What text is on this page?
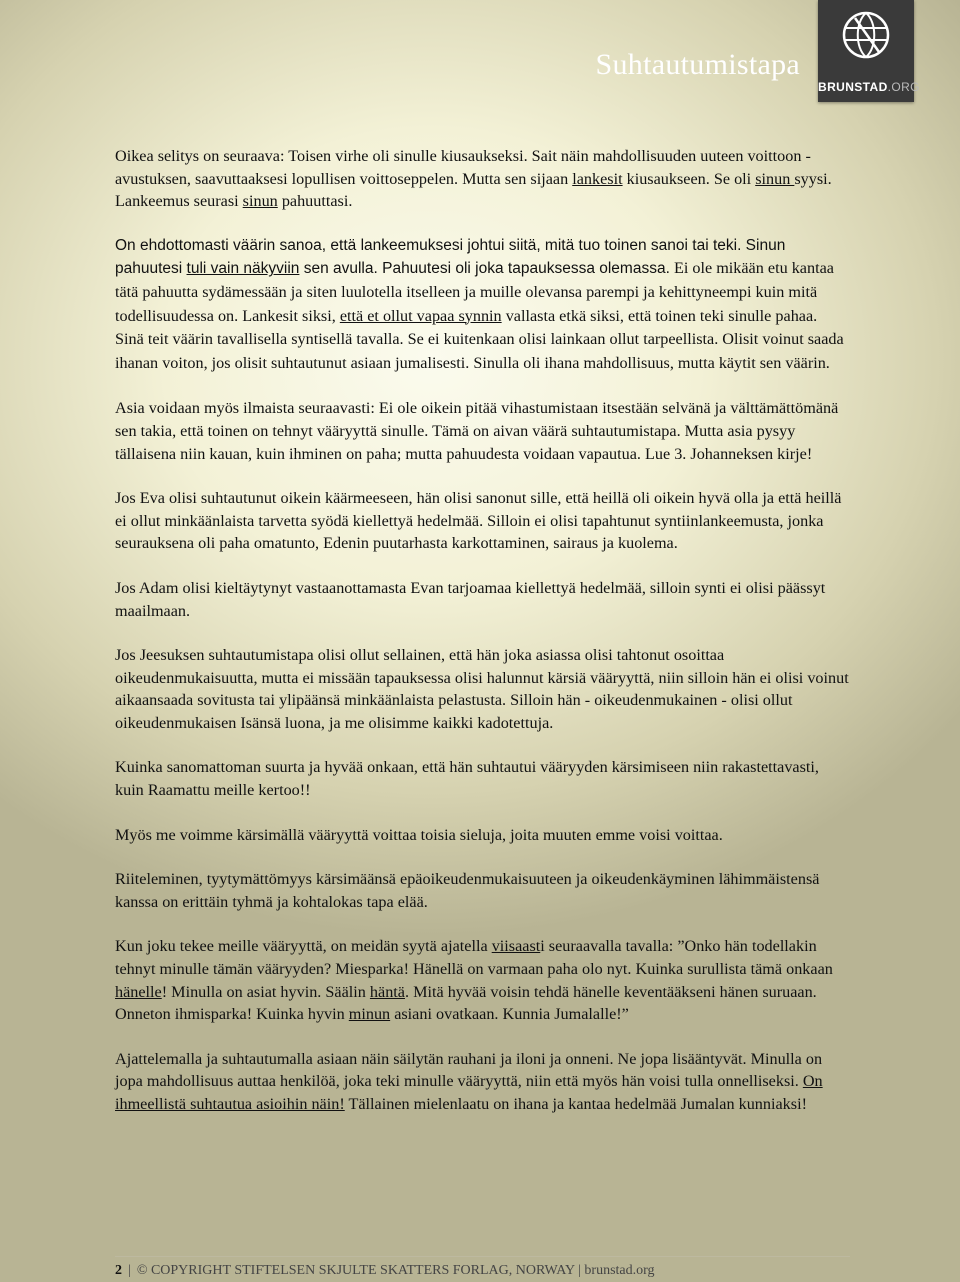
Suhtautumistapa
BRUNSTAD.ORG

Oikea selitys on seuraava: Toisen virhe oli sinulle kiusaukseksi. Sait näin mahdollisuuden uuteen voittoon - avustuksen, saavuttaaksesi lopullisen voittoseppelen. Mutta sen sijaan lankesit kiusaukseen. Se oli sinun syysi. Lankeemus seurasi sinun pahuuttasi.

On ehdottomasti väärin sanoa, että lankeemuksesi johtui siitä, mitä tuo toinen sanoi tai teki. Sinun pahuutesi tuli vain näkyviin sen avulla. Pahuutesi oli joka tapauksessa olemassa. Ei ole mikään etu kantaa tätä pahuutta sydämessään ja siten luulotella itselleen ja muille olevansa parempi ja kehittyneempi kuin mitä todellisuudessa on. Lankesit siksi, että et ollut vapaa synnin vallasta etkä siksi, että toinen teki sinulle pahaa. Sinä teit väärin tavallisella syntisellä tavalla. Se ei kuitenkaan olisi lainkaan ollut tarpeellista. Olisit voinut saada ihanan voiton, jos olisit suhtautunut asiaan jumalisesti. Sinulla oli ihana mahdollisuus, mutta käytit sen väärin.

Asia voidaan myös ilmaista seuraavasti: Ei ole oikein pitää vihastumistaan itsestään selvänä ja välttämättömänä sen takia, että toinen on tehnyt vääryyttä sinulle. Tämä on aivan väärä suhtautumistapa. Mutta asia pysyy tällaisena niin kauan, kuin ihminen on paha; mutta pahuudesta voidaan vapautua. Lue 3. Johanneksen kirje!

Jos Eva olisi suhtautunut oikein käärmeeseen, hän olisi sanonut sille, että heillä oli oikein hyvä olla ja että heillä ei ollut minkäänlaista tarvetta syödä kiellettyä hedelmää. Silloin ei olisi tapahtunut syntiinlankeemusta, jonka seurauksena oli paha omatunto, Edenin puutarhasta karkottaminen, sairaus ja kuolema.

Jos Adam olisi kieltäytynyt vastaanottamasta Evan tarjoamaa kiellettyä hedelmää, silloin synti ei olisi päässyt maailmaan.

Jos Jeesuksen suhtautumistapa olisi ollut sellainen, että hän joka asiassa olisi tahtonut osoittaa oikeudenmukaisuutta, mutta ei missään tapauksessa olisi halunnut kärsiä vääryyttä, niin silloin hän ei olisi voinut aikaansaada sovitusta tai ylipäänsä minkäänlaista pelastusta. Silloin hän - oikeudenmukainen - olisi ollut oikeudenmukaisen Isänsä luona, ja me olisimme kaikki kadotettuja.

Kuinka sanomattoman suurta ja hyvää onkaan, että hän suhtautui vääryyden kärsimiseen niin rakastettavasti, kuin Raamattu meille kertoo!!

Myös me voimme kärsimällä vääryyttä voittaa toisia sieluja, joita muuten emme voisi voittaa.

Riiteleminen, tyytymättömyys kärsimäänsä epäoikeudenmukaisuuteen ja oikeudenkäyminen lähimmäistensä kanssa on erittäin tyhmä ja kohtalokas tapa elää.

Kun joku tekee meille vääryyttä, on meidän syytä ajatella viisaasti seuraavalla tavalla: ”Onko hän todellakin tehnyt minulle tämän vääryyden? Miesparka! Hänellä on varmaan paha olo nyt. Kuinka surullista tämä onkaan hänelle! Minulla on asiat hyvin. Säälin häntä. Mitä hyvää voisin tehdä hänelle keventääkseni hänen suruaan. Onneton ihmisparka! Kuinka hyvin minun asiani ovatkaan. Kunnia Jumalalle!”

Ajattelemalla ja suhtautumalla asiaan näin säilytän rauhani ja iloni ja onneni. Ne jopa lisääntyvät. Minulla on jopa mahdollisuus auttaa henkilöä, joka teki minulle vääryyttä, niin että myös hän voisi tulla onnelliseksi. On ihmeellistä suhtautua asioihin näin! Tällainen mielenlaatu on ihana ja kantaa hedelmää Jumalan kunniaksi!

2 | © COPYRIGHT STIFTELSEN SKJULTE SKATTERS FORLAG, NORWAY | brunstad.org
